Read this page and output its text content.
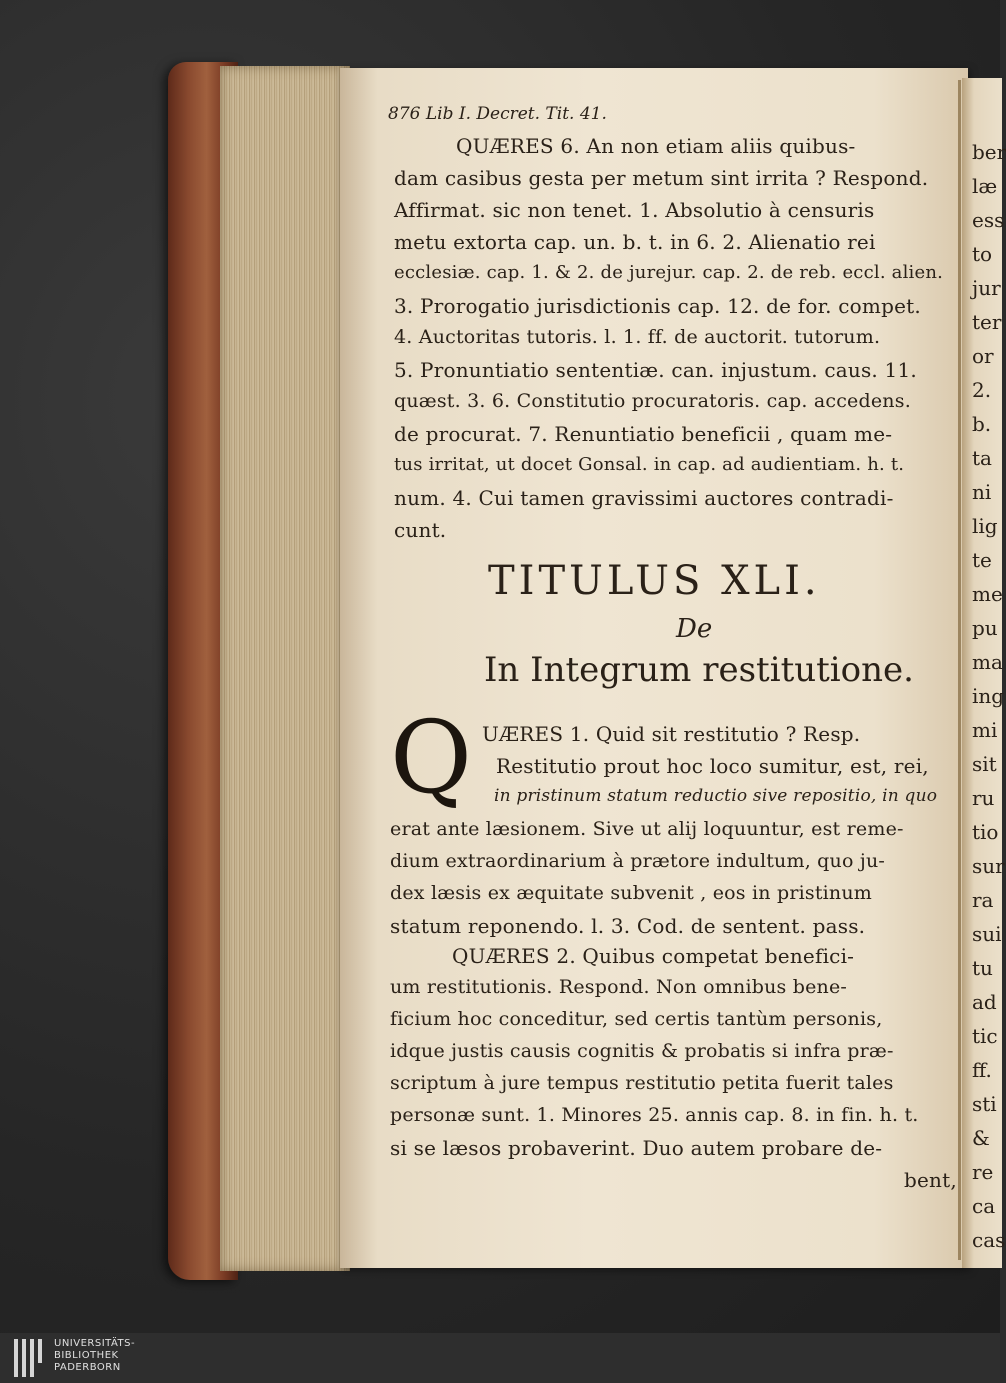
876 Lib I. Decret. Tit. 41.
QUÆRES 6. An non etiam aliis quibus-
dam casibus gesta per metum sint irrita ? Respond.
Affirmat. sic non tenet. 1. Absolutio à censuris
metu extorta cap. un. b. t. in 6. 2. Alienatio rei
ecclesiæ. cap. 1. & 2. de jurejur. cap. 2. de reb. eccl. alien.
3. Prorogatio jurisdictionis cap. 12. de for. compet.
4. Auctoritas tutoris. l. 1. ff. de auctorit. tutorum.
5. Pronuntiatio sententiæ. can. injustum. caus. 11.
quæst. 3. 6. Constitutio procuratoris. cap. accedens.
de procurat. 7. Renuntiatio beneficii , quam me-
tus irritat, ut docet Gonsal. in cap. ad audientiam. h. t.
num. 4. Cui tamen gravissimi auctores contradi-
cunt.
TITULUS XLI.
De
In Integrum restitutione.
Q UÆRES 1. Quid sit restitutio ? Resp.
Restitutio prout hoc loco sumitur, est, rei,
in pristinum statum reductio sive repositio, in quo
erat ante læsionem. Sive ut alij loquuntur, est reme-
dium extraordinarium à prætore indultum, quo ju-
dex læsis ex æquitate subvenit , eos in pristinum
statum reponendo. l. 3. Cod. de sentent. pass.
QUÆRES 2. Quibus competat benefici-
um restitutionis. Respond. Non omnibus bene-
ficium hoc conceditur, sed certis tantùm personis,
idque justis causis cognitis & probatis si infra præ-
scriptum à jure tempus restitutio petita fuerit tales
personæ sunt. 1. Minores 25. annis cap. 8. in fin. h. t.
si se læsos probaverint. Duo autem probare de-
bent,
ber
læ
ess
to
jur
ter
or
2.
b.
ta
ni
lig
te
me
pu
ma
ing
mi
sit
ru
tio
sur
ra
sui
tu
ad
tic
ff.
sti
&
re
ca
cas
UNIVERSITÄTS-
BIBLIOTHEK
PADERBORN
